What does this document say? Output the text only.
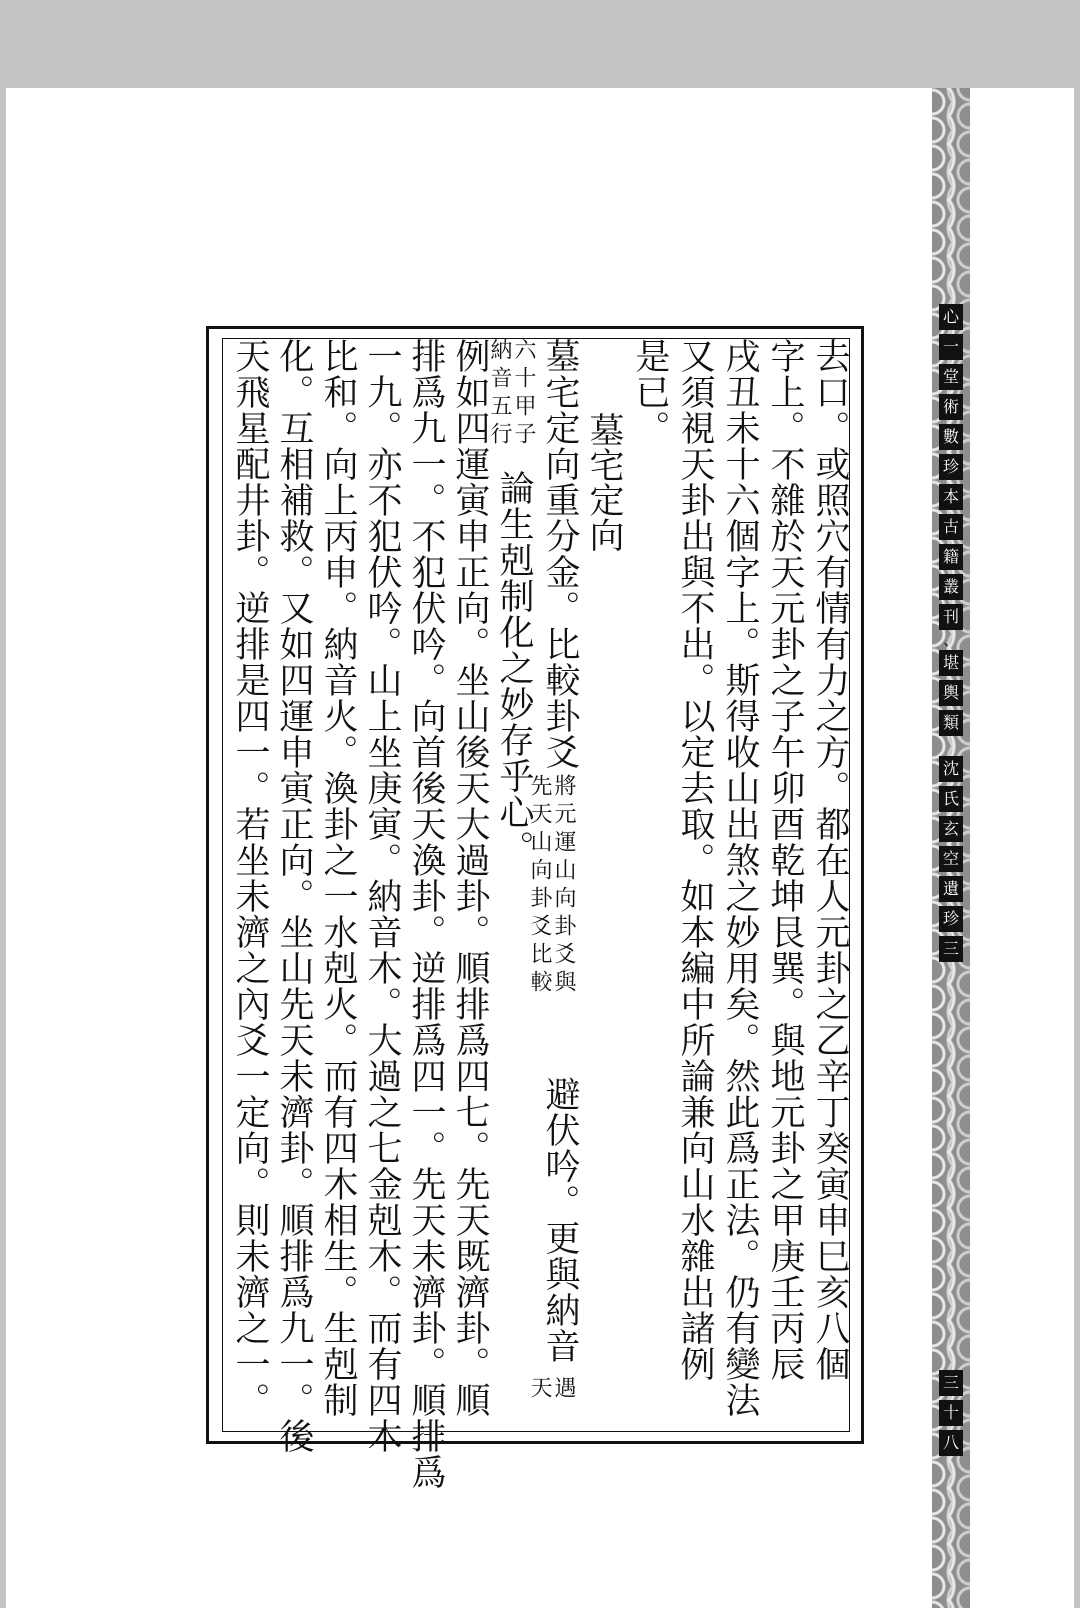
心
一
堂
術
數
珍
本
古
籍
叢
刊
、
堪
輿
類
沈
氏
玄
空
遺
珍
三
三
十
八
去口。或照穴有情有力之方。都在人元卦之乙辛丁癸寅申巳亥八個
字上。不雜於天元卦之子午卯酉乾坤艮巽。與地元卦之甲庚壬丙辰
戌丑未十六個字上。斯得收山出煞之妙用矣。然此爲正法。仍有變法
又須視天卦出與不出。以定去取。如本編中所論兼向山水雜出諸例
是已。
墓宅定向
墓宅定向重分金。比較卦爻
將元運山向卦爻與
先天山向卦爻比較
避伏吟。更與納音
遇
天
六十甲子
納音五行
論生剋制化之妙存乎心。
例如四運寅申正向。坐山後天大過卦。順排爲四七。先天既濟卦。順
排爲九一。不犯伏吟。向首後天渙卦。逆排爲四一。先天未濟卦。順排爲
一九。亦不犯伏吟。山上坐庚寅。納音木。大過之七金剋木。而有四木
比和。向上丙申。納音火。渙卦之一水剋火。而有四木相生。生剋制
化。互相補救。又如四運申寅正向。坐山先天未濟卦。順排爲九一。後
天飛星配井卦。逆排是四一。若坐未濟之內爻一定向。則未濟之一。
